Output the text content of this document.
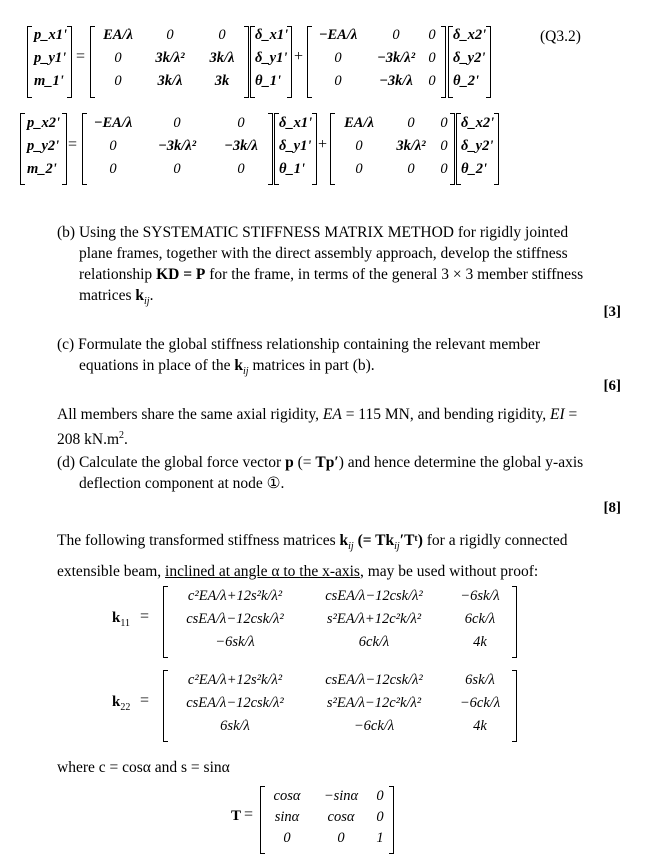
p_x1'
p_y1'
m_1'
=
EA/λ	0	0
0	3k/λ²	3k/λ
0	3k/λ	3k
δ_x1'
δ_y1'
θ_1'
+
−EA/λ	0	0
0	−3k/λ² 0
0	−3k/λ	0
δ_x2'
δ_y2'
θ_2'
(Q3.2)
p_x2'
p_y2'
m_2'
=
−EA/λ	0	0
0	−3k/λ²	−3k/λ
0	0	0
δ_x1'
δ_y1'
θ_1'
+
EA/λ	0	0
0	3k/λ²	0
0	0	0
δ_x2'
δ_y2'
θ_2'
(b) Using the SYSTEMATIC STIFFNESS MATRIX METHOD for rigidly jointed
plane frames, together with the direct assembly approach, develop the stiffness
relationship KD = P for the frame, in terms of the general 3 × 3 member stiffness
matrices $k_{ij}$.
[3]
(c) Formulate the global stiffness relationship containing the relevant member
equations in place of the $k_{ij}$ matrices in part (b).
[6]
All members share the same axial rigidity, EA = 115 MN, and bending rigidity, EI =
208 $kN.m^2$.
(d) Calculate the global force vector p (= Tp′) and hence determine the global y-axis
deflection component at node ①.
[8]
The following transformed stiffness matrices $k_{ij}$ (= $Tk_{ij}'Tᵗ$) for a rigidly connected
extensible beam, inclined at angle α to the x-axis, may be used without proof:
$k_{11}$ =
c²EA/λ+12s²k/λ²	csEA/λ−12csk/λ²	−6sk/λ
csEA/λ−12csk/λ²	s²EA/λ+12c²k/λ²	6ck/λ
−6sk/λ	6ck/λ	4k
$k_{22}$ =
c²EA/λ+12s²k/λ²	csEA/λ−12csk/λ²	6sk/λ
csEA/λ−12csk/λ²	s²EA/λ−12c²k/λ²	−6ck/λ
6sk/λ	−6ck/λ	4k
where c = cosα and s = sinα
T =
cosα	−sinα	0
sinα	cosα	0
0	0	1
